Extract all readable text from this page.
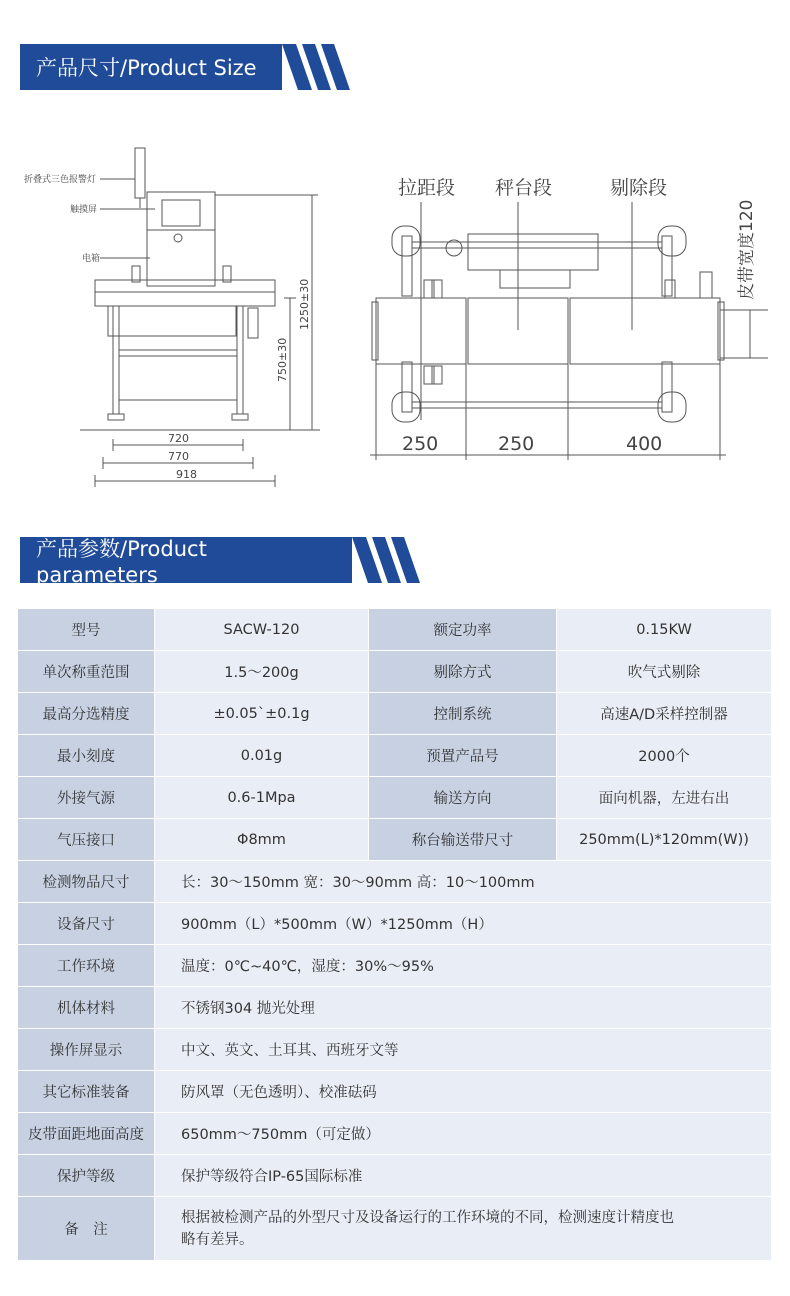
产品尺寸/Product Size
折叠式三色报警灯
触摸屏
电箱
720
770
918
750±30
1250±30
拉距段 秤台段	剔除段
皮带宽度120
250	250	400
产品参数/Product parameters
型号	SACW-120	额定功率	0.15KW
单次称重范围	1.5～200g	剔除方式	吹气式剔除
最高分选精度	±0.05`±0.1g	控制系统	高速A/D采样控制器
最小刻度	0.01g	预置产品号	2000个
外接气源	0.6-1Mpa	输送方向	面向机器，左进右出
气压接口	Φ8mm	称台输送带尺寸	250mm(L)*120mm(W))
检测物品尺寸	长：30～150mm 宽：30～90mm 高：10～100mm		
设备尺寸	900mm（L）*500mm（W）*1250mm（H）		
工作环境	温度：0℃~40℃，湿度：30%～95%		
机体材料	不锈钢304 抛光处理		
操作屏显示	中文、英文、土耳其、西班牙文等		
其它标准装备	防风罩（无色透明）、校准砝码		
皮带面距地面高度	650mm～750mm（可定做）		
保护等级	保护等级符合IP-65国际标准		
备　注	根据被检测产品的外型尺寸及设备运行的工作环境的不同，检测速度计精度也
略有差异。		
